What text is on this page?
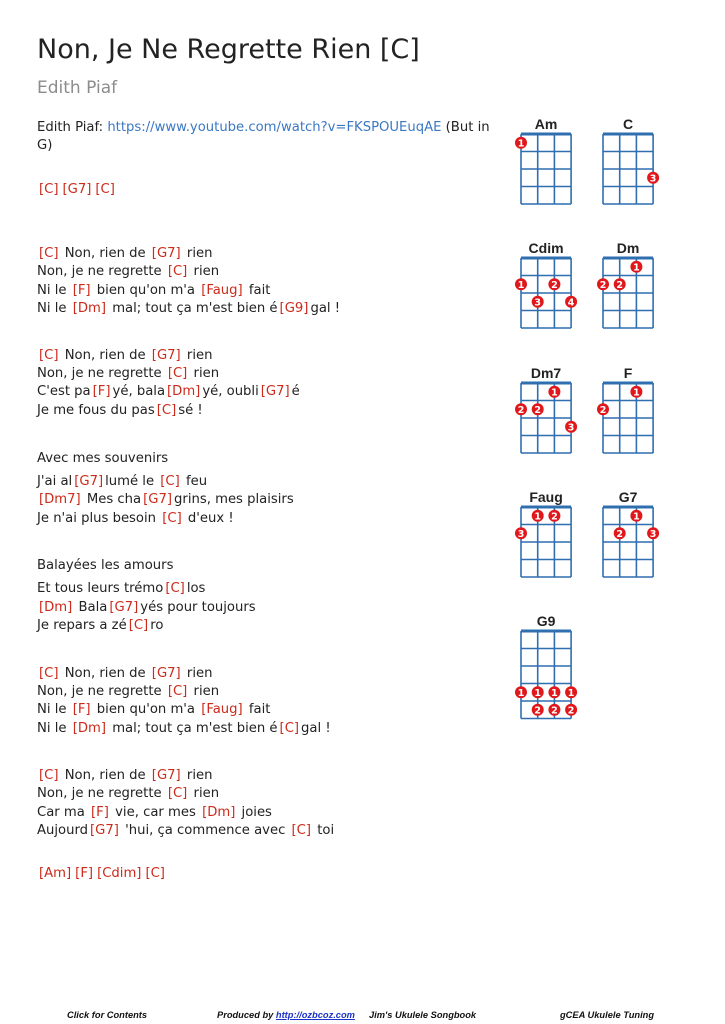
Non, Je Ne Regrette Rien [C]
Edith Piaf
Edith Piaf: https://www.youtube.com/watch?v=FKSPOUEuqAE (But in G)
[C] [G7] [C]
[C] Non, rien de [G7] rien
Non, je ne regrette [C] rien
Ni le [F] bien qu'on m'a [Faug] fait
Ni le [Dm] mal; tout ça m'est bien é [G9] gal !
[C] Non, rien de [G7] rien
Non, je ne regrette [C] rien
C'est pa [F] yé, bala [Dm] yé, oubli [G7] é
Je me fous du pas [C] sé !
Avec mes souvenirs
J'ai al [G7] lumé le [C] feu
[Dm7] Mes cha [G7] grins, mes plaisirs
Je n'ai plus besoin [C] d'eux !
Balayées les amours
Et tous leurs trémo [C] los
[Dm] Bala [G7] yés pour toujours
Je repars a zé [C] ro
[C] Non, rien de [G7] rien
Non, je ne regrette [C] rien
Ni le [F] bien qu'on m'a [Faug] fait
Ni le [Dm] mal; tout ça m'est bien é [C] gal !
[C] Non, rien de [G7] rien
Non, je ne regrette [C] rien
Car ma [F] vie, car mes [Dm] joies
Aujourd [G7] 'hui, ça commence avec [C] toi
[Am] [F] [Cdim] [C]
Am
1
C
3
Cdim
1	2
3	4
Dm
1
2 2
Dm7
1
2 2
3
F
1
2
Faug
1 2
3
G7
1
2	3
G9
1 1 1 1
2 2 2
Click for Contents	Produced by http://ozbcoz.com Jim's Ukulele Songbook	gCEA Ukulele Tuning
